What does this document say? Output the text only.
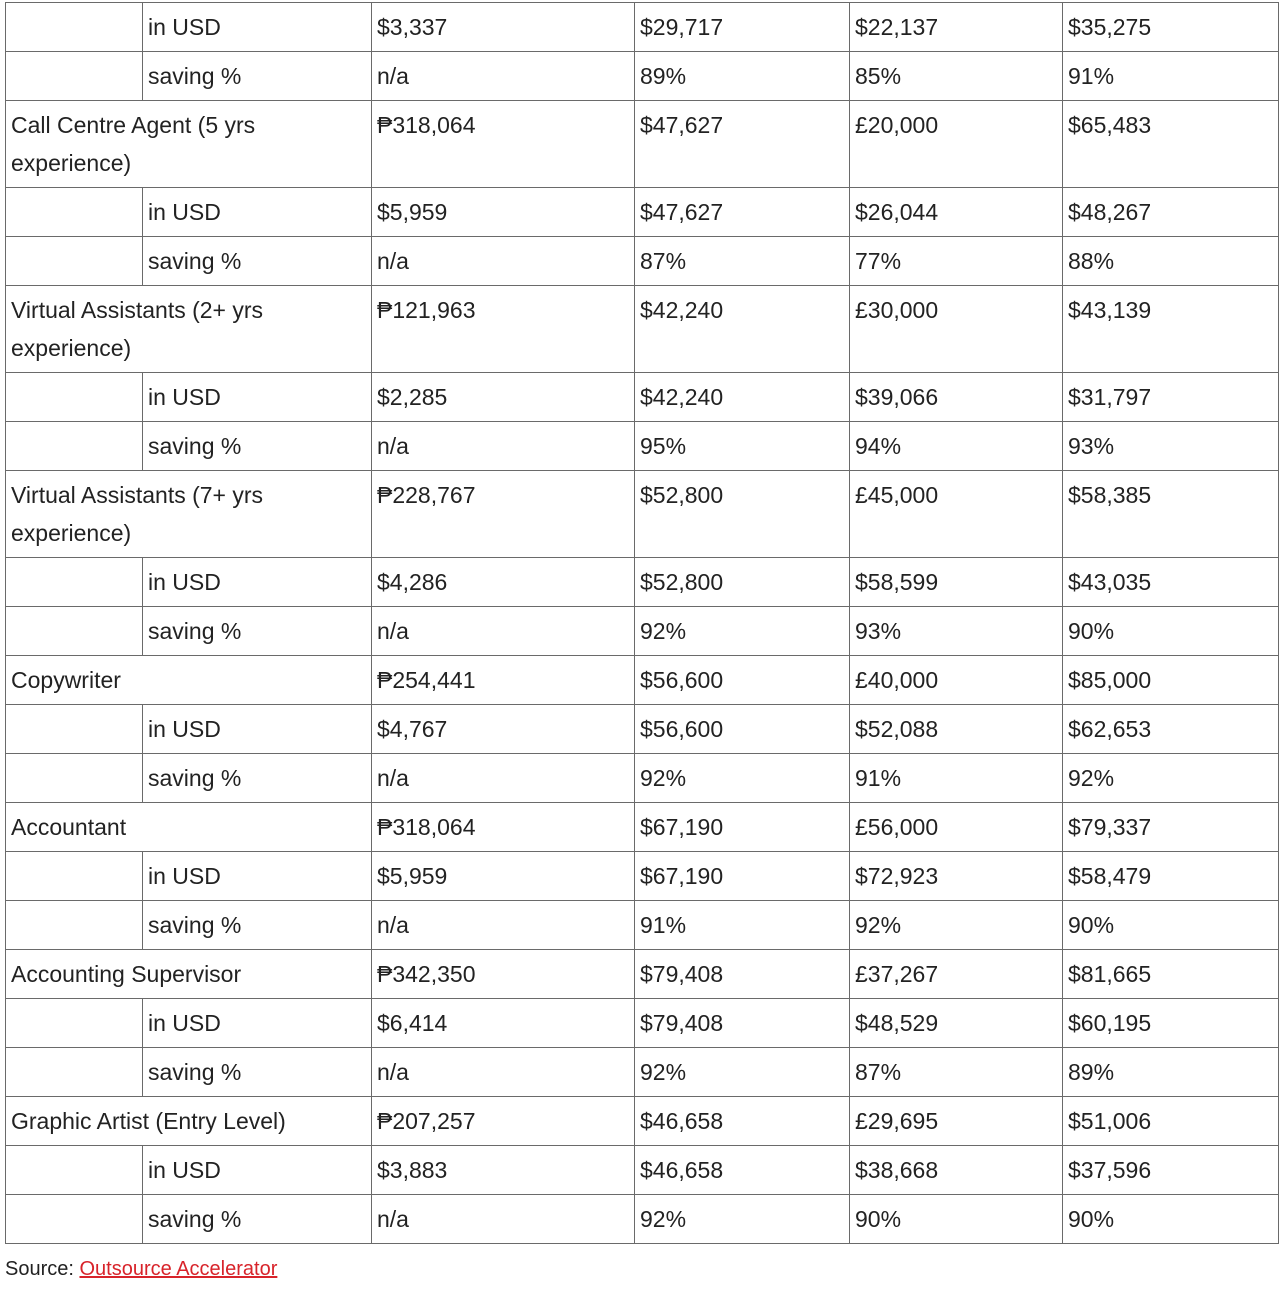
	in USD	$3,337	$29,717	$22,137	$35,275
	saving %	n/a	89%	85%	91%
Call Centre Agent (5 yrs experience)		₱318,064	$47,627	£20,000	$65,483
	in USD	$5,959	$47,627	$26,044	$48,267
	saving %	n/a	87%	77%	88%
Virtual Assistants (2+ yrs experience)		₱121,963	$42,240	£30,000	$43,139
	in USD	$2,285	$42,240	$39,066	$31,797
	saving %	n/a	95%	94%	93%
Virtual Assistants (7+ yrs experience)		₱228,767	$52,800	£45,000	$58,385
	in USD	$4,286	$52,800	$58,599	$43,035
	saving %	n/a	92%	93%	90%
Copywriter		₱254,441	$56,600	£40,000	$85,000
	in USD	$4,767	$56,600	$52,088	$62,653
	saving %	n/a	92%	91%	92%
Accountant		₱318,064	$67,190	£56,000	$79,337
	in USD	$5,959	$67,190	$72,923	$58,479
	saving %	n/a	91%	92%	90%
Accounting Supervisor		₱342,350	$79,408	£37,267	$81,665
	in USD	$6,414	$79,408	$48,529	$60,195
	saving %	n/a	92%	87%	89%
Graphic Artist (Entry Level)		₱207,257	$46,658	£29,695	$51,006
	in USD	$3,883	$46,658	$38,668	$37,596
	saving %	n/a	92%	90%	90%
Source: Outsource Accelerator
